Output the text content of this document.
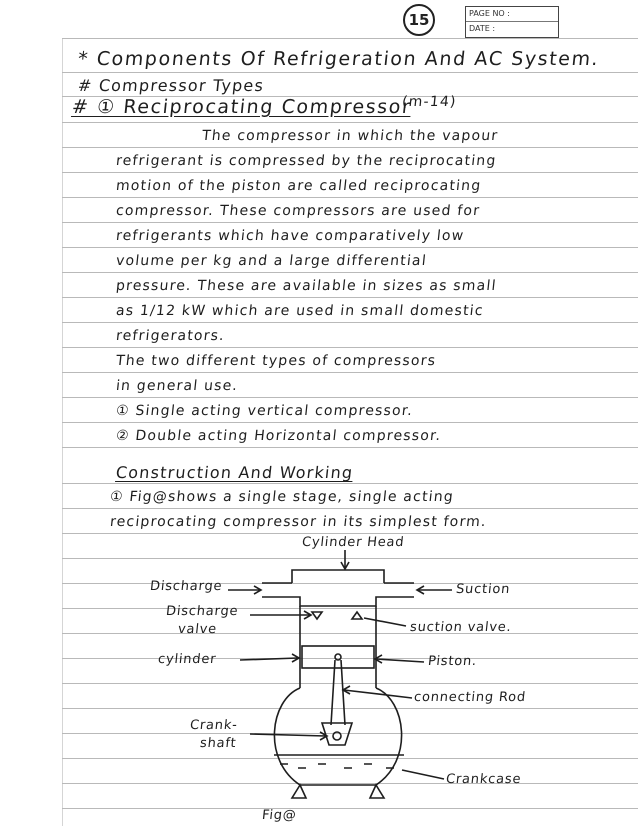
15	PAGE NO :
DATE :
* Components Of Refrigeration And AC System.
# Compressor Types
# ① Reciprocating Compressor
(m-14)
The compressor in which the vapour
refrigerant is compressed by the reciprocating
motion of the piston are called reciprocating
compressor. These compressors are used for
refrigerants which have comparatively low
volume per kg and a large differential
pressure. These are available in sizes as small
as 1/12 kW which are used in small domestic
refrigerators.
The two different types of compressors
in general use.
① Single acting vertical compressor.
② Double acting Horizontal compressor.
Construction And Working
① Fig@shows a single stage, single acting
reciprocating compressor in its simplest form.
Cylinder Head
Discharge	Suction
Discharge
valve	suction valve.
cylinder	Piston.
connecting Rod
Crank-
shaft
Crankcase
Fig@
